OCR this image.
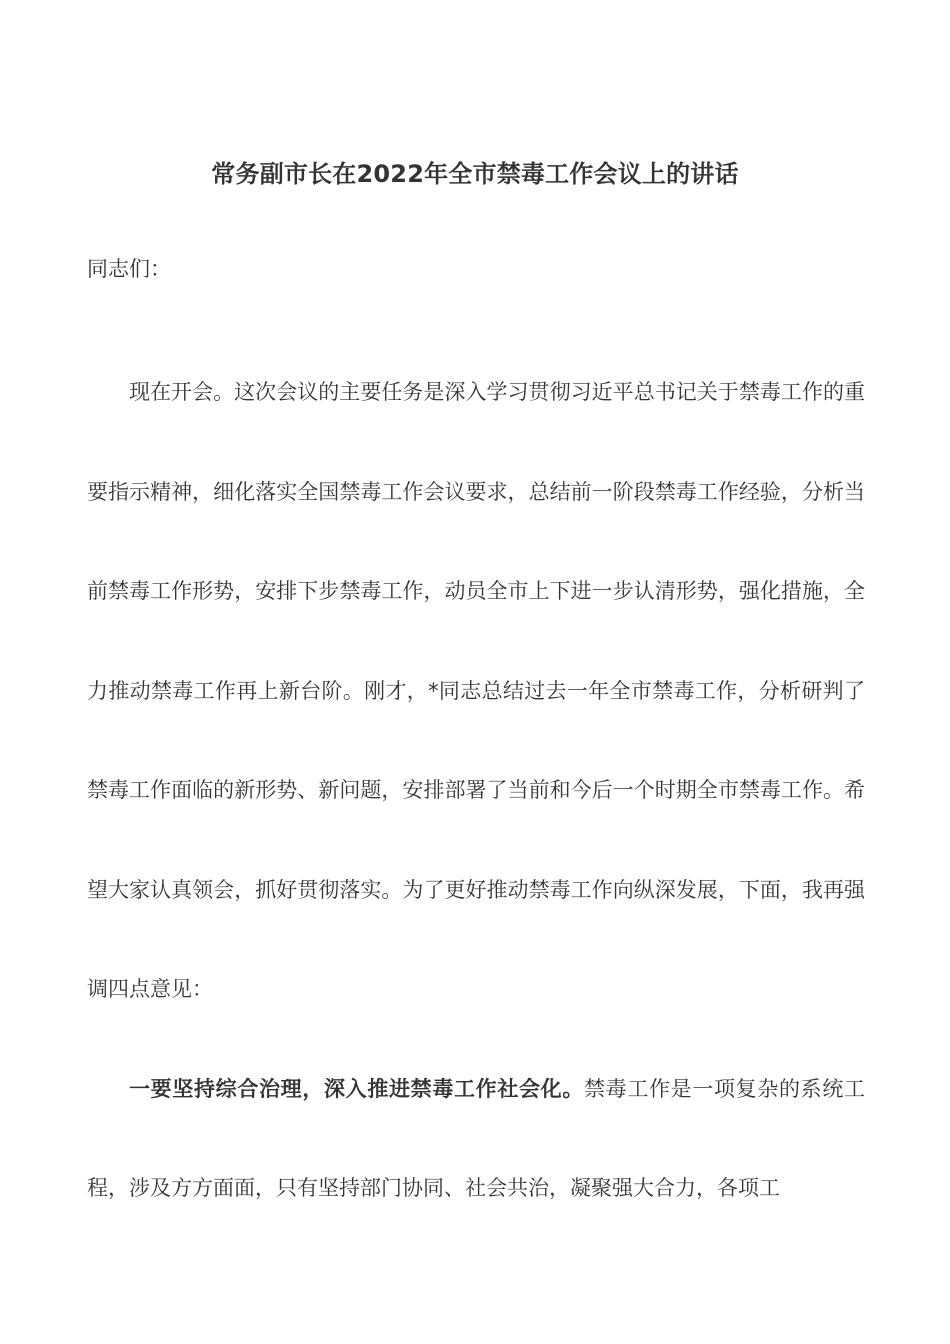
常务副市长在2022年全市禁毒工作会议上的讲话
同志们：

现在开会。这次会议的主要任务是深入学习贯彻习近平总书记关于禁毒工作的重要指示精神，细化落实全国禁毒工作会议要求，总结前一阶段禁毒工作经验，分析当前禁毒工作形势，安排下步禁毒工作，动员全市上下进一步认清形势，强化措施，全力推动禁毒工作再上新台阶。刚才，*同志总结过去一年全市禁毒工作，分析研判了禁毒工作面临的新形势、新问题，安排部署了当前和今后一个时期全市禁毒工作。希望大家认真领会，抓好贯彻落实。为了更好推动禁毒工作向纵深发展，下面，我再强调四点意见：

一要坚持综合治理，深入推进禁毒工作社会化。禁毒工作是一项复杂的系统工程，涉及方方面面，只有坚持部门协同、社会共治，凝聚强大合力，各项工
